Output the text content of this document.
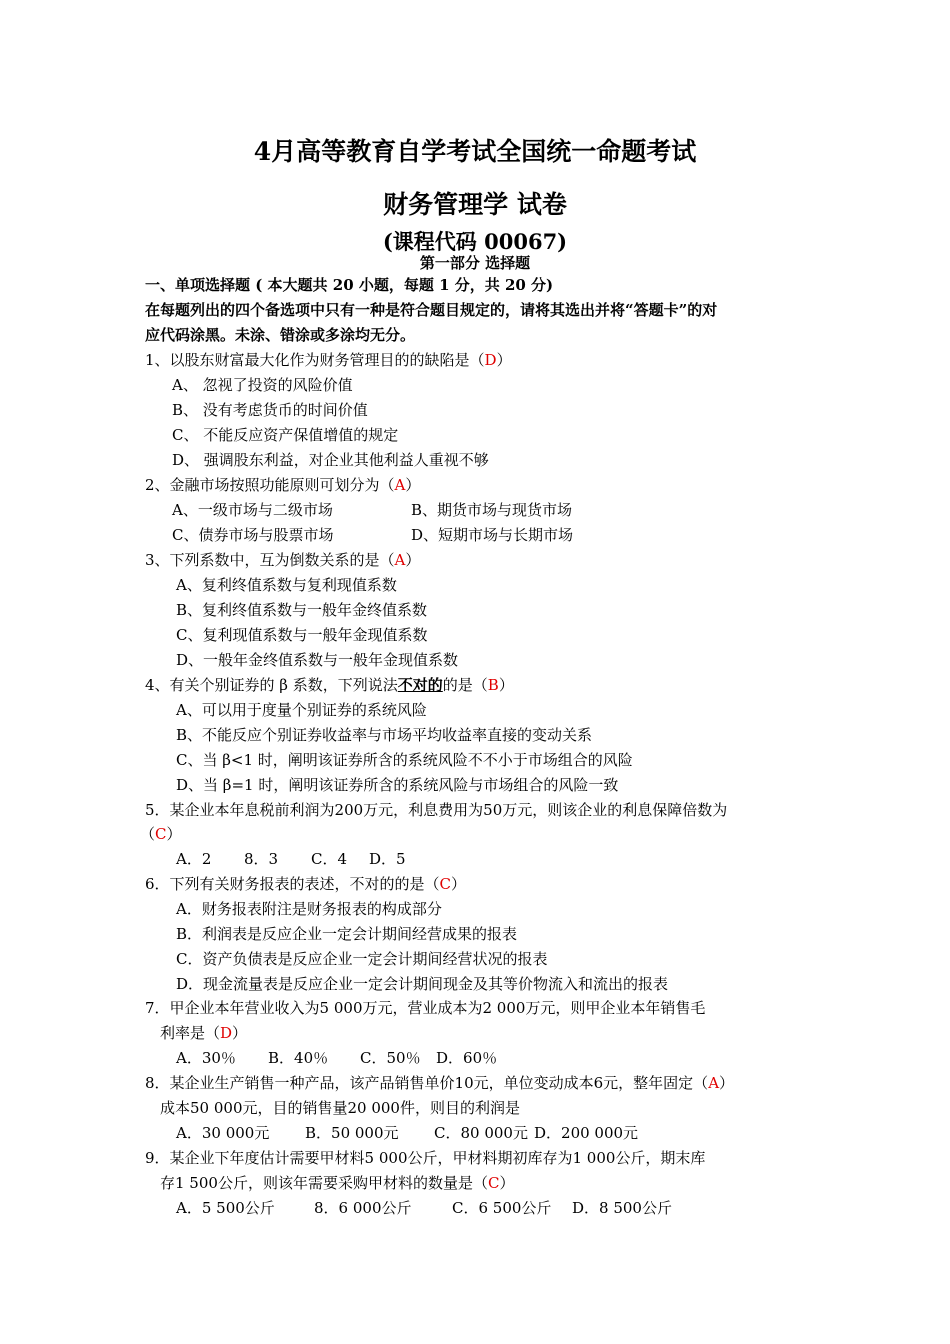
4月高等教育自学考试全国统一命题考试
财务管理学 试卷
(课程代码 00067)
第一部分 选择题
一、单项选择题 ( 本大题共 20 小题，每题 1 分，共 20 分)
在每题列出的四个备选项中只有一种是符合题目规定的，请将其选出并将“答题卡”的对
应代码涂黑。未涂、错涂或多涂均无分。
1、以股东财富最大化作为财务管理目的的缺陷是（D）
A、 忽视了投资的风险价值
B、 没有考虑货币的时间价值
C、 不能反应资产保值增值的规定
D、 强调股东利益，对企业其他利益人重视不够
2、金融市场按照功能原则可划分为（A）
A、一级市场与二级市场	B、期货市场与现货市场
C、债券市场与股票市场	D、短期市场与长期市场
3、下列系数中，互为倒数关系的是（A）
A、复利终值系数与复利现值系数
B、复利终值系数与一般年金终值系数
C、复利现值系数与一般年金现值系数
D、一般年金终值系数与一般年金现值系数
4、有关个别证券的 β 系数，下列说法不对的的是（B）
A、可以用于度量个别证券的系统风险
B、不能反应个别证券收益率与市场平均收益率直接的变动关系
C、当 β<1 时，阐明该证券所含的系统风险不不小于市场组合的风险
D、当 β=1 时，阐明该证券所含的系统风险与市场组合的风险一致
5．某企业本年息税前利润为200万元，利息费用为50万元，则该企业的利息保障倍数为
（C）
A．2 8．3 C．4 D．5
6．下列有关财务报表的表述，不对的的是（C）
A．财务报表附注是财务报表的构成部分
B．利润表是反应企业一定会计期间经营成果的报表
C．资产负债表是反应企业一定会计期间经营状况的报表
D．现金流量表是反应企业一定会计期间现金及其等价物流入和流出的报表
7．甲企业本年营业收入为5 000万元，营业成本为2 000万元，则甲企业本年销售毛
利率是（D）
A．30％ B．40％ C．50％ D．60％
8．某企业生产销售一种产品，该产品销售单价10元，单位变动成本6元，整年固定（A）
成本50 000元，目的销售量20 000件，则目的利润是
A．30 000元 B．50 000元 C．80 000元 D．200 000元
9．某企业下年度估计需要甲材料5 000公斤，甲材料期初库存为1 000公斤，期末库
存1 500公斤，则该年需要采购甲材料的数量是（C）
A．5 500公斤	8．6 000公斤	C．6 500公斤 D．8 500公斤
